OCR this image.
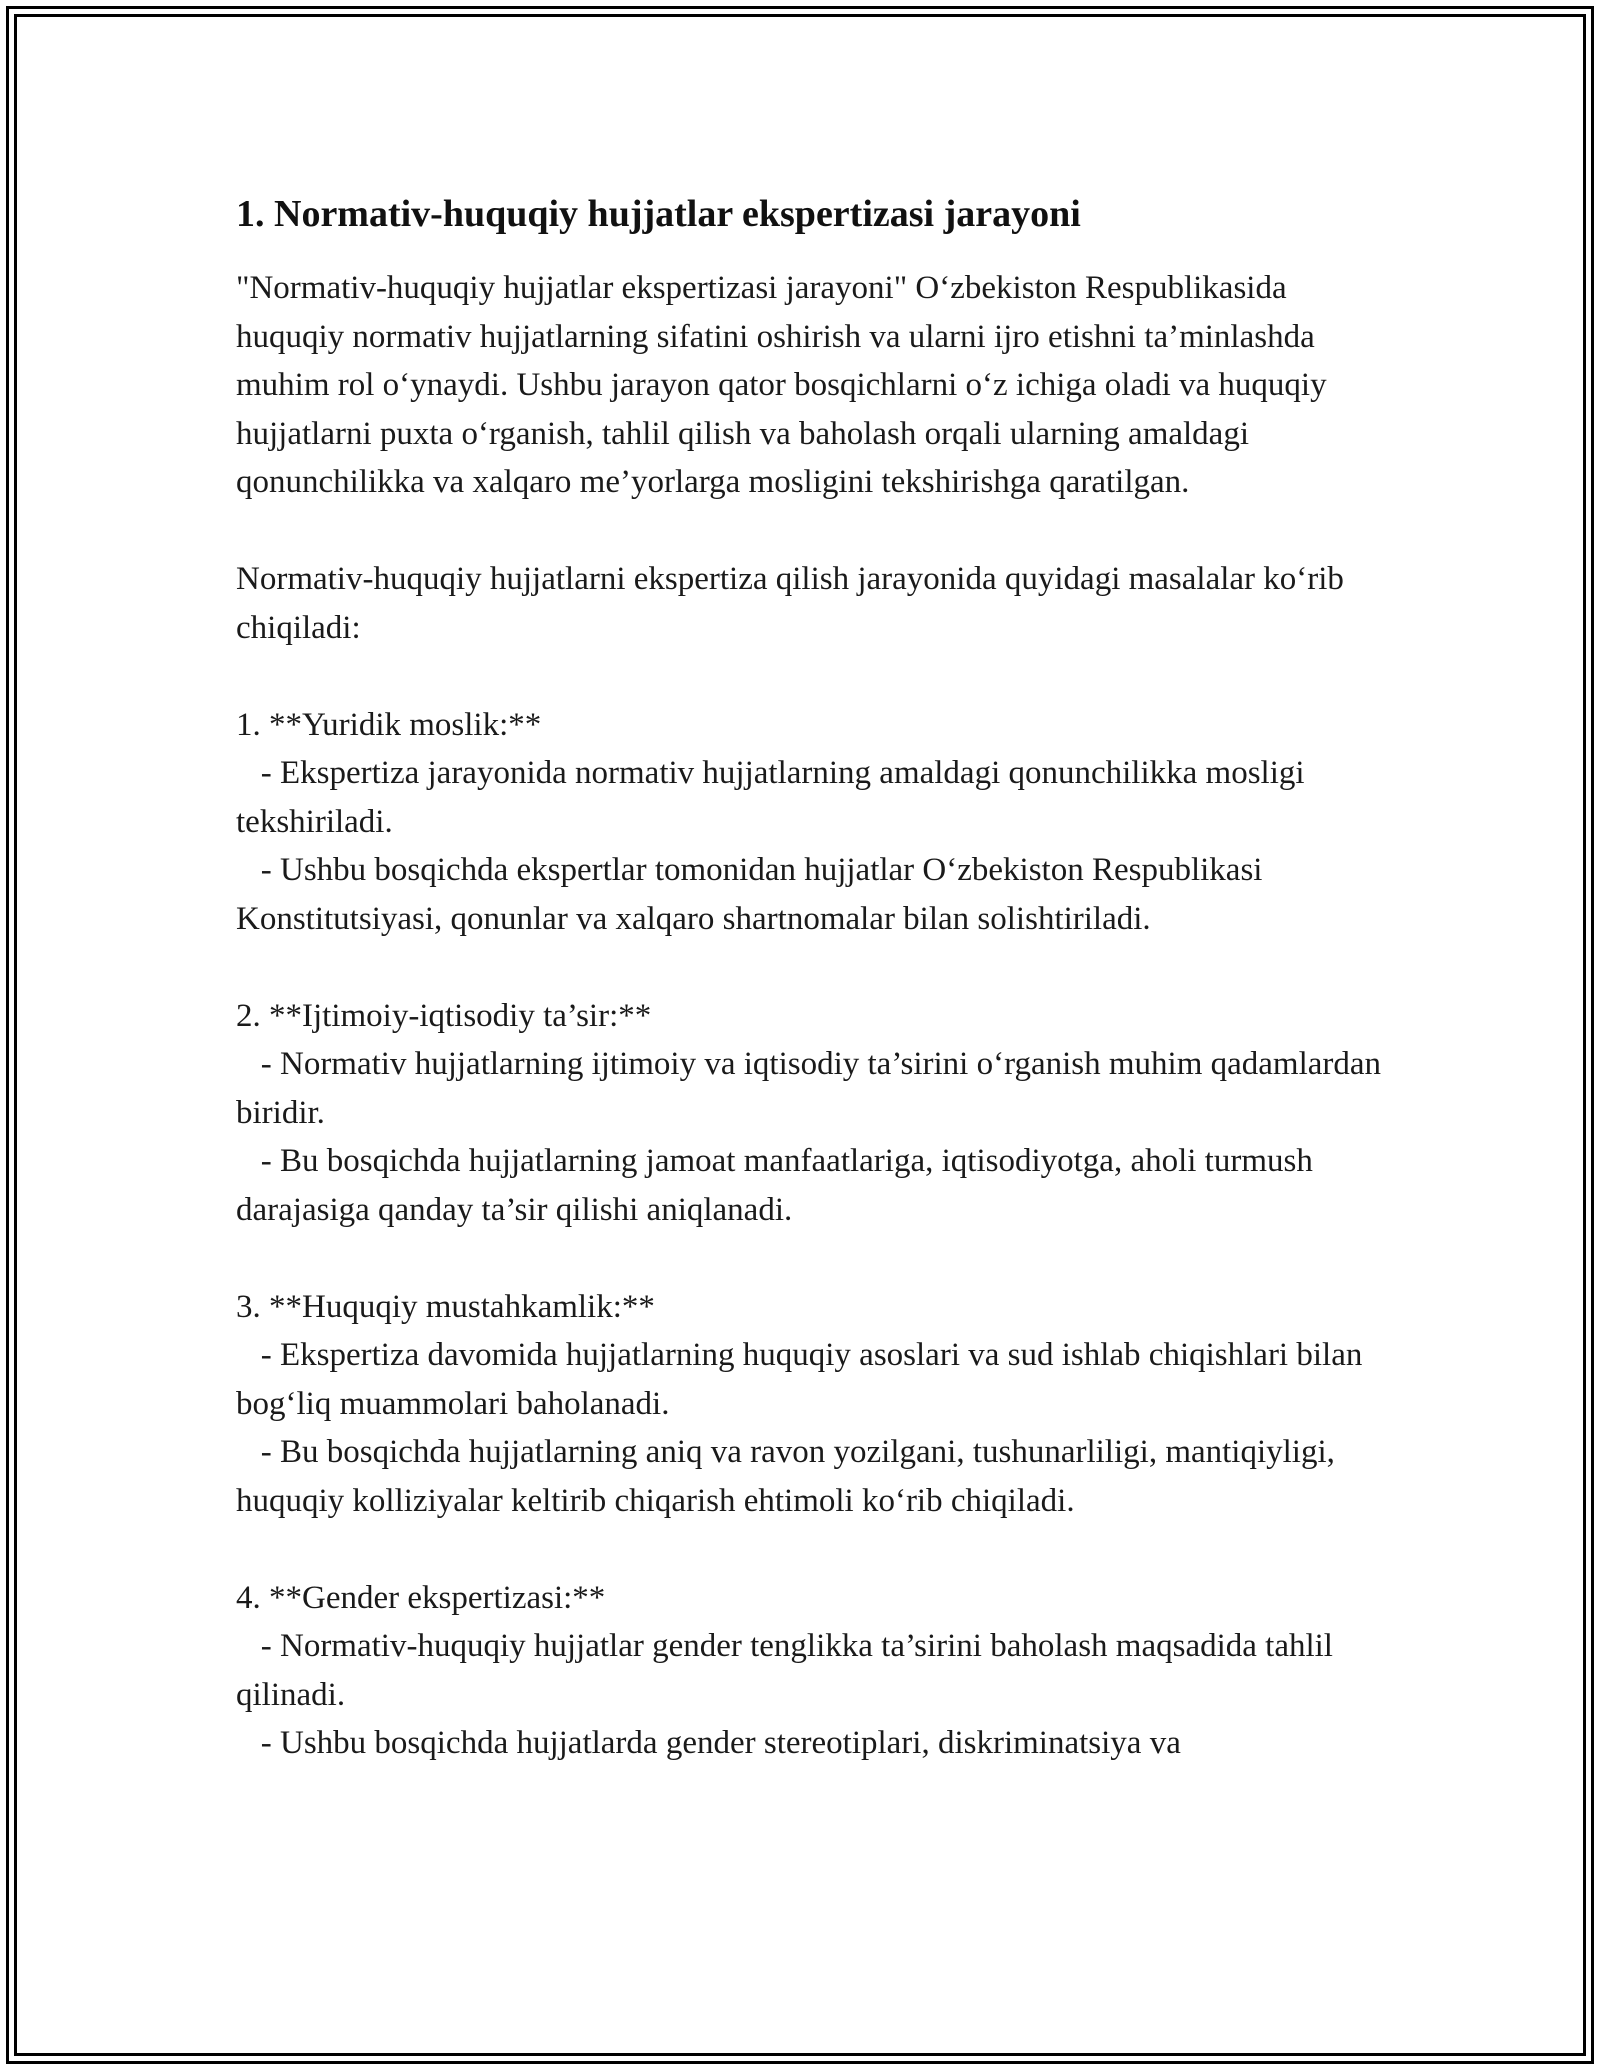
1. Normativ-huquqiy hujjatlar ekspertizasi jarayoni

"Normativ-huquqiy hujjatlar ekspertizasi jarayoni" O‘zbekiston Respublikasida huquqiy normativ hujjatlarning sifatini oshirish va ularni ijro etishni ta’minlashda muhim rol o‘ynaydi. Ushbu jarayon qator bosqichlarni o‘z ichiga oladi va huquqiy hujjatlarni puxta o‘rganish, tahlil qilish va baholash orqali ularning amaldagi qonunchilikka va xalqaro me’yorlarga mosligini tekshirishga qaratilgan.

Normativ-huquqiy hujjatlarni ekspertiza qilish jarayonida quyidagi masalalar ko‘rib chiqiladi:

1. **Yuridik moslik:**

- Ekspertiza jarayonida normativ hujjatlarning amaldagi qonunchilikka mosligi tekshiriladi.

- Ushbu bosqichda ekspertlar tomonidan hujjatlar O‘zbekiston Respublikasi Konstitutsiyasi, qonunlar va xalqaro shartnomalar bilan solishtiriladi.

2. **Ijtimoiy-iqtisodiy ta’sir:**

- Normativ hujjatlarning ijtimoiy va iqtisodiy ta’sirini o‘rganish muhim qadamlardan biridir.

- Bu bosqichda hujjatlarning jamoat manfaatlariga, iqtisodiyotga, aholi turmush darajasiga qanday ta’sir qilishi aniqlanadi.

3. **Huquqiy mustahkamlik:**

- Ekspertiza davomida hujjatlarning huquqiy asoslari va sud ishlab chiqishlari bilan bog‘liq muammolari baholanadi.

- Bu bosqichda hujjatlarning aniq va ravon yozilgani, tushunarliligi, mantiqiyligi, huquqiy kolliziyalar keltirib chiqarish ehtimoli ko‘rib chiqiladi.

4. **Gender ekspertizasi:**

- Normativ-huquqiy hujjatlar gender tenglikka ta’sirini baholash maqsadida tahlil qilinadi.

- Ushbu bosqichda hujjatlarda gender stereotiplari, diskriminatsiya va
